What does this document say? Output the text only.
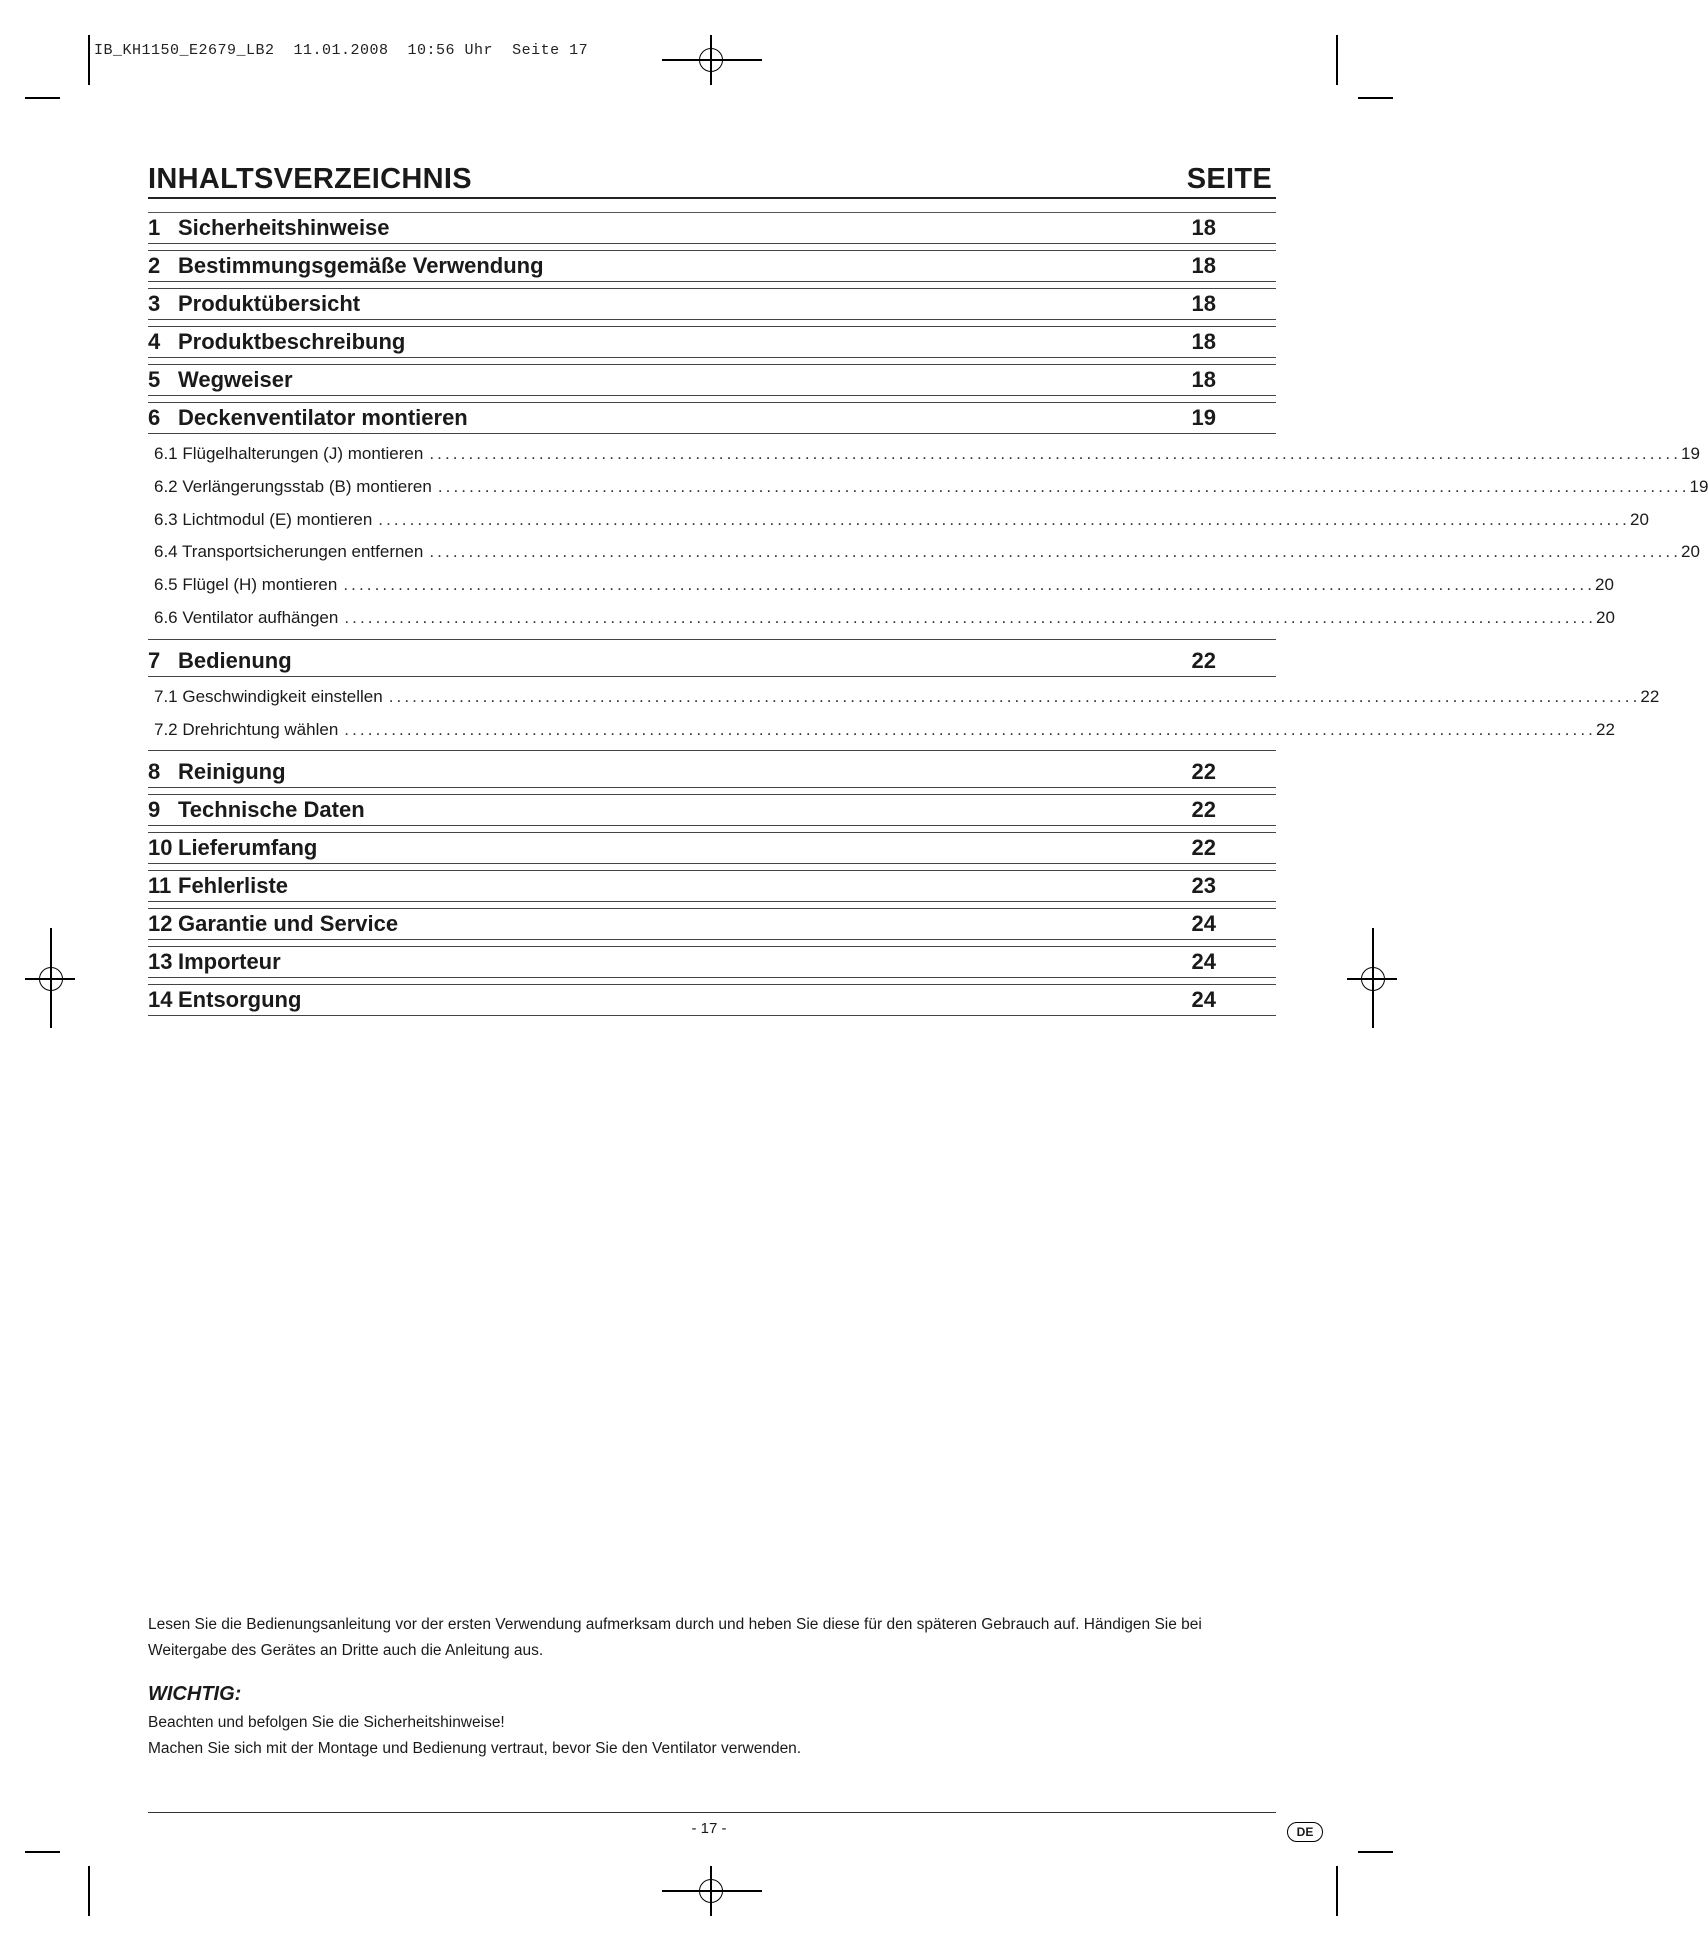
IB_KH1150_E2679_LB2  11.01.2008  10:56 Uhr  Seite 17
INHALTSVERZEICHNIS	SEITE
1 Sicherheitshinweise	18
2 Bestimmungsgemäße Verwendung	18
3 Produktübersicht	18
4 Produktbeschreibung	18
5 Wegweiser	18
6 Deckenventilator montieren	19
6.1 Flügelhalterungen (J) montieren ................................................................................................................................................................ 19
6.2 Verlängerungsstab (B) montieren ................................................................................................................................................................ 19
6.3 Lichtmodul (E) montieren ................................................................................................................................................................ 20
6.4 Transportsicherungen entfernen ................................................................................................................................................................ 20
6.5 Flügel (H) montieren ................................................................................................................................................................ 20
6.6 Ventilator aufhängen ................................................................................................................................................................ 20
7 Bedienung	22
7.1 Geschwindigkeit einstellen ................................................................................................................................................................ 22
7.2 Drehrichtung wählen ................................................................................................................................................................ 22
8 Reinigung	22
9 Technische Daten	22
10 Lieferumfang	22
11 Fehlerliste	23
12 Garantie und Service	24
13 Importeur	24
14 Entsorgung	24
Lesen Sie die Bedienungsanleitung vor der ersten Verwendung aufmerksam durch und heben Sie diese für den späteren Gebrauch auf. Händigen Sie bei Weitergabe des Gerätes an Dritte auch die Anleitung aus.
WICHTIG:
Beachten und befolgen Sie die Sicherheitshinweise!
Machen Sie sich mit der Montage und Bedienung vertraut, bevor Sie den Ventilator verwenden.
- 17 -	DE
